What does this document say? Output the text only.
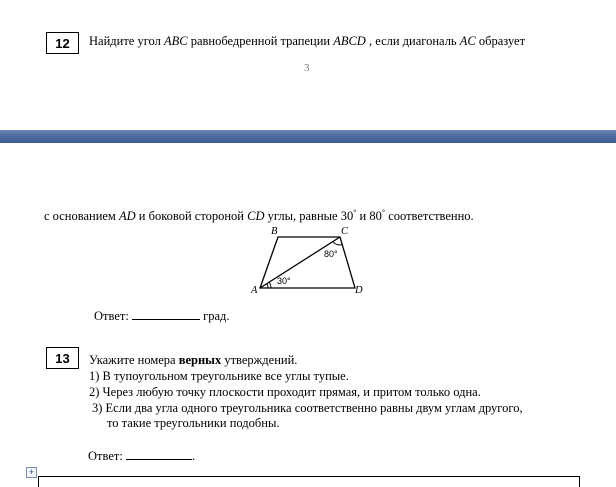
12 Найдите угол ABC равнобедренной трапеции ABCD , если диагональ AC образует
3
с основанием AD и боковой стороной CD углы, равные 30° и 80° соответственно.
B	C
A	D
30°
80°
Ответ:	град.
13 Укажите номера верных утверждений.
1) В тупоугольном треугольнике все углы тупые.
2) Через любую точку плоскости проходит прямая, и притом только одна.
3) Если два угла одного треугольника соответственно равны двум углам другого,
то такие треугольники подобны.
Ответ:	.
+
